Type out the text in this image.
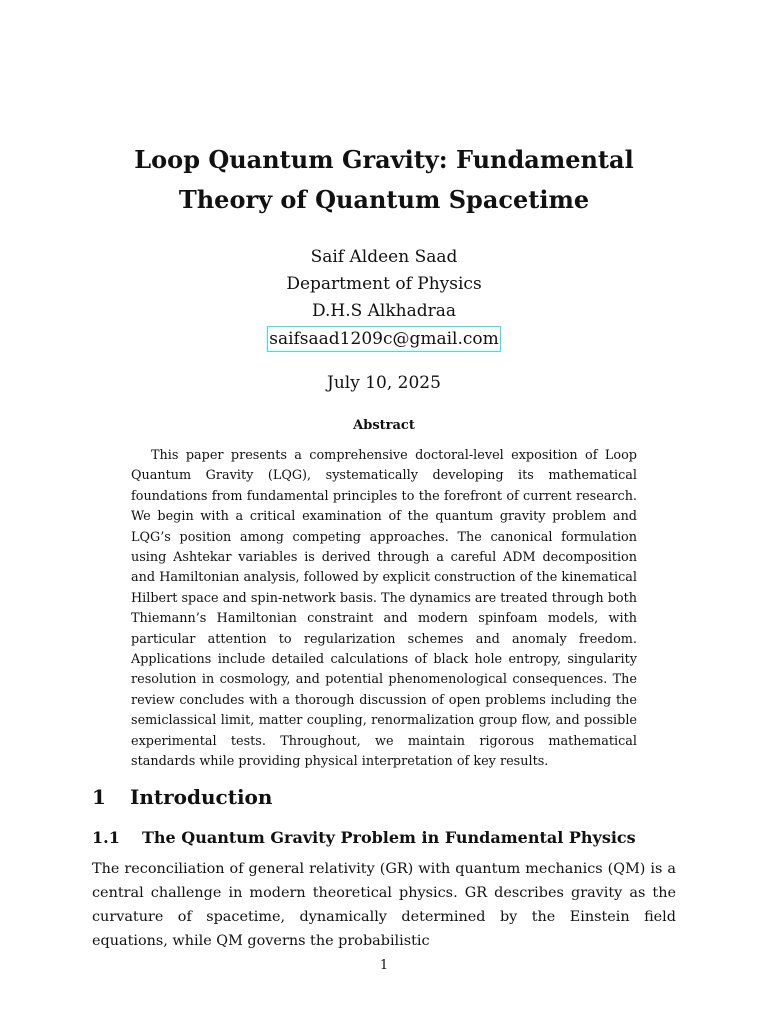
Loop Quantum Gravity: Fundamental
Theory of Quantum Spacetime
Saif Aldeen Saad
Department of Physics
D.H.S Alkhadraa
saifsaad1209c@gmail.com
July 10, 2025
Abstract

This paper presents a comprehensive doctoral-level exposition of Loop Quantum Gravity (LQG), systematically developing its mathematical foundations from fundamental principles to the forefront of current research. We begin with a critical examination of the quantum gravity problem and LQG’s position among competing approaches. The canonical formulation using Ashtekar variables is derived through a careful ADM decomposition and Hamiltonian analysis, followed by explicit construction of the kinematical Hilbert space and spin-network basis. The dynamics are treated through both Thiemann’s Hamiltonian constraint and modern spinfoam models, with particular attention to regularization schemes and anomaly freedom. Applications include detailed calculations of black hole entropy, singularity resolution in cosmology, and potential phenomenological consequences. The review concludes with a thorough discussion of open problems including the semiclassical limit, matter coupling, renormalization group flow, and possible experimental tests. Throughout, we maintain rigorous mathematical standards while providing physical interpretation of key results.

1 Introduction
1.1 The Quantum Gravity Problem in Fundamental Physics

The reconciliation of general relativity (GR) with quantum mechanics (QM) is a central challenge in modern theoretical physics. GR describes gravity as the curvature of spacetime, dynamically determined by the Einstein field equations, while QM governs the probabilistic

1
